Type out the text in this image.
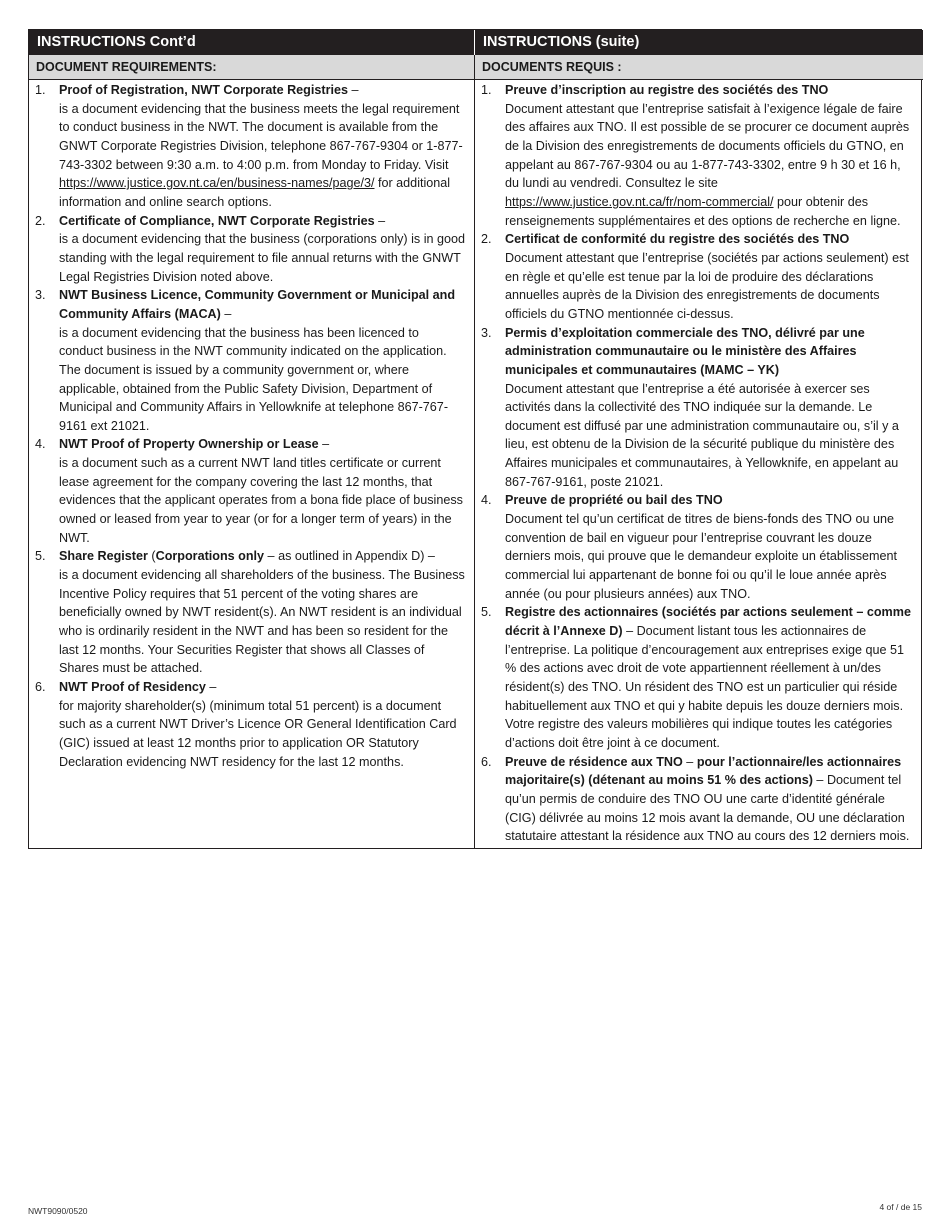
INSTRUCTIONS Cont’d	INSTRUCTIONS (suite)
DOCUMENT REQUIREMENTS:	DOCUMENTS REQUIS :
1. Proof of Registration, NWT Corporate Registries –
is a document evidencing that the business meets the legal requirement to conduct business in the NWT. The document is available from the GNWT Corporate Registries Division, telephone 867-767-9304 or 1-877-743-3302 between 9:30 a.m. to 4:00 p.m. from Monday to Friday. Visit https://www.justice.gov.nt.ca/en/business-names/page/3/ for additional information and online search options.
2. Certificate of Compliance, NWT Corporate Registries –
is a document evidencing that the business (corporations only) is in good standing with the legal requirement to file annual returns with the GNWT Legal Registries Division noted above.
3. NWT Business Licence, Community Government or Municipal and Community Affairs (MACA) –
is a document evidencing that the business has been licenced to conduct business in the NWT community indicated on the application. The document is issued by a community government or, where applicable, obtained from the Public Safety Division, Department of Municipal and Community Affairs in Yellowknife at telephone 867-767-9161 ext 21021.
4. NWT Proof of Property Ownership or Lease –
is a document such as a current NWT land titles certificate or current lease agreement for the company covering the last 12 months, that evidences that the applicant operates from a bona fide place of business owned or leased from year to year (or for a longer term of years) in the NWT.
5. Share Register (Corporations only – as outlined in Appendix D) –
is a document evidencing all shareholders of the business. The Business Incentive Policy requires that 51 percent of the voting shares are beneficially owned by NWT resident(s). An NWT resident is an individual who is ordinarily resident in the NWT and has been so resident for the last 12 months. Your Securities Register that shows all Classes of Shares must be attached.
6. NWT Proof of Residency –
for majority shareholder(s) (minimum total 51 percent) is a document such as a current NWT Driver’s Licence OR General Identification Card (GIC) issued at least 12 months prior to application OR Statutory Declaration evidencing NWT residency for the last 12 months.
1. Preuve d’inscription au registre des sociétés des TNO
Document attestant que l’entreprise satisfait à l’exigence légale de faire des affaires aux TNO. Il est possible de se procurer ce document auprès de la Division des enregistrements de documents officiels du GTNO, en appelant au 867-767-9304 ou au 1-877-743-3302, entre 9 h 30 et 16 h, du lundi au vendredi. Consultez le site https://www.justice.gov.nt.ca/fr/nom-commercial/ pour obtenir des renseignements supplémentaires et des options de recherche en ligne.
2. Certificat de conformité du registre des sociétés des TNO
Document attestant que l’entreprise (sociétés par actions seulement) est en règle et qu’elle est tenue par la loi de produire des déclarations annuelles auprès de la Division des enregistrements de documents officiels du GTNO mentionnée ci-dessus.
3. Permis d’exploitation commerciale des TNO, délivré par une administration communautaire ou le ministère des Affaires municipales et communautaires (MAMC – YK)
Document attestant que l’entreprise a été autorisée à exercer ses activités dans la collectivité des TNO indiquée sur la demande. Le document est diffusé par une administration communautaire ou, s’il y a lieu, est obtenu de la Division de la sécurité publique du ministère des Affaires municipales et communautaires, à Yellowknife, en appelant au 867-767-9161, poste 21021.
4. Preuve de propriété ou bail des TNO
Document tel qu’un certificat de titres de biens-fonds des TNO ou une convention de bail en vigueur pour l’entreprise couvrant les douze derniers mois, qui prouve que le demandeur exploite un établissement commercial lui appartenant de bonne foi ou qu’il le loue année après année (ou pour plusieurs années) aux TNO.
5. Registre des actionnaires (sociétés par actions seulement – comme décrit à l’Annexe D) – Document listant tous les actionnaires de l’entreprise. La politique d’encouragement aux entreprises exige que 51 % des actions avec droit de vote appartiennent réellement à un/des résident(s) des TNO. Un résident des TNO est un particulier qui réside habituellement aux TNO et qui y habite depuis les douze derniers mois. Votre registre des valeurs mobilières qui indique toutes les catégories d’actions doit être joint à ce document.
6. Preuve de résidence aux TNO – pour l’actionnaire/les actionnaires majoritaire(s) (détenant au moins 51 % des actions) – Document tel qu’un permis de conduire des TNO OU une carte d’identité générale (CIG) délivrée au moins 12 mois avant la demande, OU une déclaration statutaire attestant la résidence aux TNO au cours des 12 derniers mois.
NWT9090/0520	4 of / de 15
